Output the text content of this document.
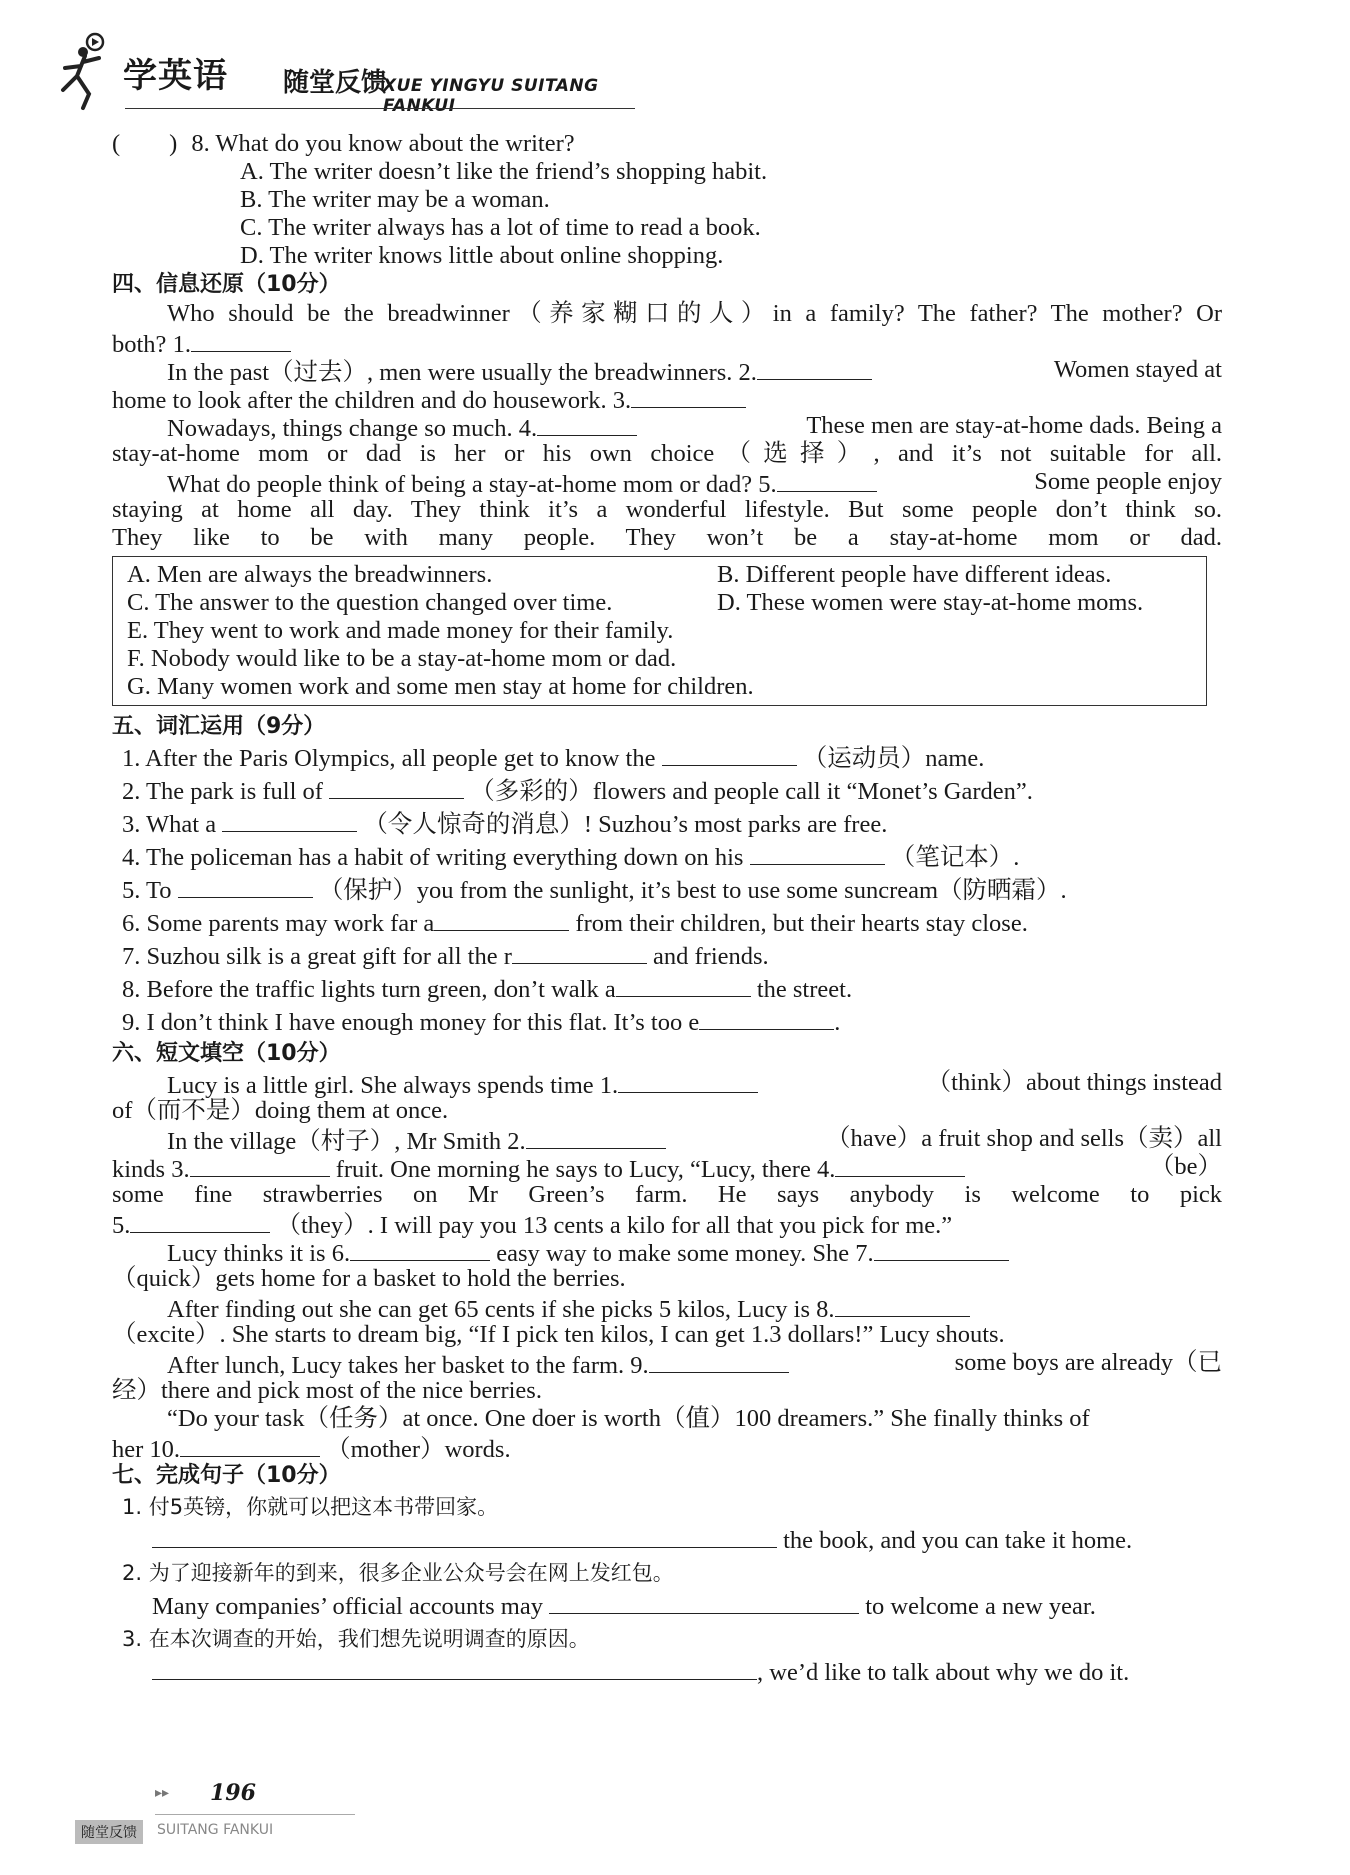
学英语 随堂反馈
XUE YINGYU SUITANG FANKUI
(　　) 8. What do you know about the writer?
A. The writer doesn’t like the friend’s shopping habit.
B. The writer may be a woman.
C. The writer always has a lot of time to read a book.
D. The writer knows little about online shopping.
四、信息还原（10分）
Who should be the breadwinner（养家糊口的人）in a family? The father? The mother? Or
both? 1.
In the past（过去）, men were usually the breadwinners. 2.	Women stayed at
home to look after the children and do housework. 3.
Nowadays, things change so much. 4.	These men are stay-at-home dads. Being a
stay-at-home mom or dad is her or his own choice（选择）, and it’s not suitable for all.
What do people think of being a stay-at-home mom or dad? 5.	Some people enjoy
staying at home all day. They think it’s a wonderful lifestyle. But some people don’t think so.
They like to be with many people. They won’t be a stay-at-home mom or dad.
A. Men are always the breadwinners.	B. Different people have different ideas.
C. The answer to the question changed over time.	D. These women were stay-at-home moms.
E. They went to work and made money for their family.
F. Nobody would like to be a stay-at-home mom or dad.
G. Many women work and some men stay at home for children.
五、词汇运用（9分）
1. After the Paris Olympics, all people get to know the	（运动员）name.
2. The park is full of	（多彩的）flowers and people call it “Monet’s Garden”.
3. What a	（令人惊奇的消息）! Suzhou’s most parks are free.
4. The policeman has a habit of writing everything down on his	（笔记本）.
5. To	（保护）you from the sunlight, it’s best to use some suncream（防晒霜）.
6. Some parents may work far a	from their children, but their hearts stay close.
7. Suzhou silk is a great gift for all the r	and friends.
8. Before the traffic lights turn green, don’t walk a	the street.
9. I don’t think I have enough money for this flat. It’s too e	.
六、短文填空（10分）
Lucy is a little girl. She always spends time 1.	（think）about things instead
of（而不是）doing them at once.
In the village（村子）, Mr Smith 2.	（have）a fruit shop and sells（卖）all
kinds 3.	fruit. One morning he says to Lucy, “Lucy, there 4.	（be）
some fine strawberries on Mr Green’s farm. He says anybody is welcome to pick
5.	（they）. I will pay you 13 cents a kilo for all that you pick for me.”
Lucy thinks it is 6.	easy way to make some money. She 7.
（quick）gets home for a basket to hold the berries.
After finding out she can get 65 cents if she picks 5 kilos, Lucy is 8.
（excite）. She starts to dream big, “If I pick ten kilos, I can get 1.3 dollars!” Lucy shouts.
After lunch, Lucy takes her basket to the farm. 9.	some boys are already（已
经）there and pick most of the nice berries.
“Do your task（任务）at once. One doer is worth（值）100 dreamers.” She finally thinks of
her 10.	（mother）words.
七、完成句子（10分）
1. 付5英镑，你就可以把这本书带回家。
the book, and you can take it home.
2. 为了迎接新年的到来，很多企业公众号会在网上发红包。
Many companies’ official accounts may	to welcome a new year.
3. 在本次调查的开始，我们想先说明调查的原因。
, we’d like to talk about why we do it.
▸▸ 196
随堂反馈	SUITANG FANKUI
